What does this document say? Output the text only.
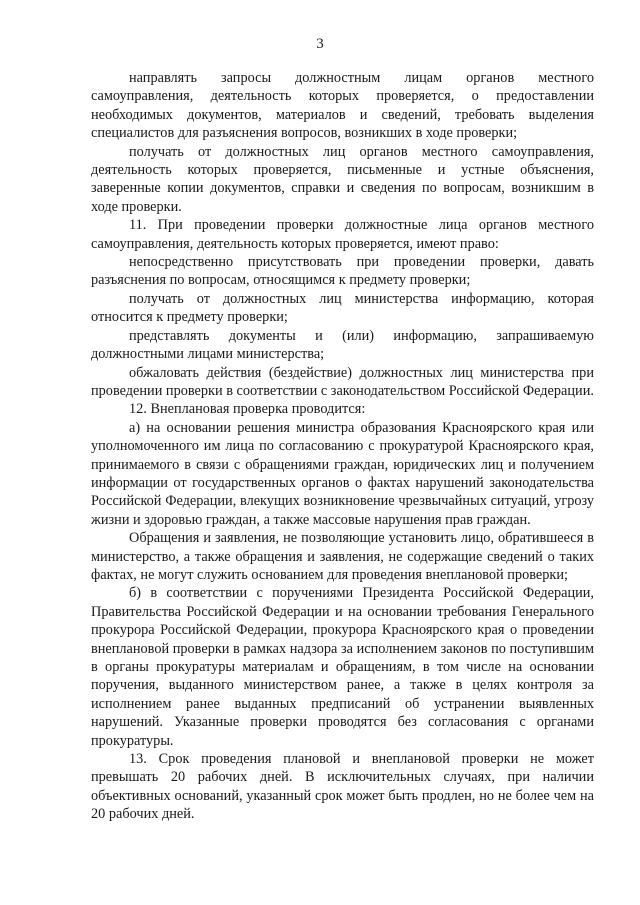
3

направлять запросы должностным лицам органов местного самоуправления, деятельность которых проверяется, о предоставлении необходимых документов, материалов и сведений, требовать выделения специалистов для разъяснения вопросов, возникших в ходе проверки;

получать от должностных лиц органов местного самоуправления, деятельность которых проверяется, письменные и устные объяснения, заверенные копии документов, справки и сведения по вопросам, возникшим в ходе проверки.

11. При проведении проверки должностные лица органов местного самоуправления, деятельность которых проверяется, имеют право:

непосредственно присутствовать при проведении проверки, давать разъяснения по вопросам, относящимся к предмету проверки;

получать от должностных лиц министерства информацию, которая относится к предмету проверки;

представлять документы и (или) информацию, запрашиваемую должностными лицами министерства;

обжаловать действия (бездействие) должностных лиц министерства при проведении проверки в соответствии с законодательством Российской Федерации.

12. Внеплановая проверка проводится:

а) на основании решения министра образования Красноярского края или уполномоченного им лица по согласованию с прокуратурой Красноярского края, принимаемого в связи с обращениями граждан, юридических лиц и получением информации от государственных органов о фактах нарушений законодательства Российской Федерации, влекущих возникновение чрезвычайных ситуаций, угрозу жизни и здоровью граждан, а также массовые нарушения прав граждан.

Обращения и заявления, не позволяющие установить лицо, обратившееся в министерство, а также обращения и заявления, не содержащие сведений о таких фактах, не могут служить основанием для проведения внеплановой проверки;

б) в соответствии с поручениями Президента Российской Федерации, Правительства Российской Федерации и на основании требования Генерального прокурора Российской Федерации, прокурора Красноярского края о проведении внеплановой проверки в рамках надзора за исполнением законов по поступившим в органы прокуратуры материалам и обращениям, в том числе на основании поручения, выданного министерством ранее, а также в целях контроля за исполнением ранее выданных предписаний об устранении выявленных нарушений. Указанные проверки проводятся без согласования с органами прокуратуры.

13. Срок проведения плановой и внеплановой проверки не может превышать 20 рабочих дней. В исключительных случаях, при наличии объективных оснований, указанный срок может быть продлен, но не более чем на 20 рабочих дней.
